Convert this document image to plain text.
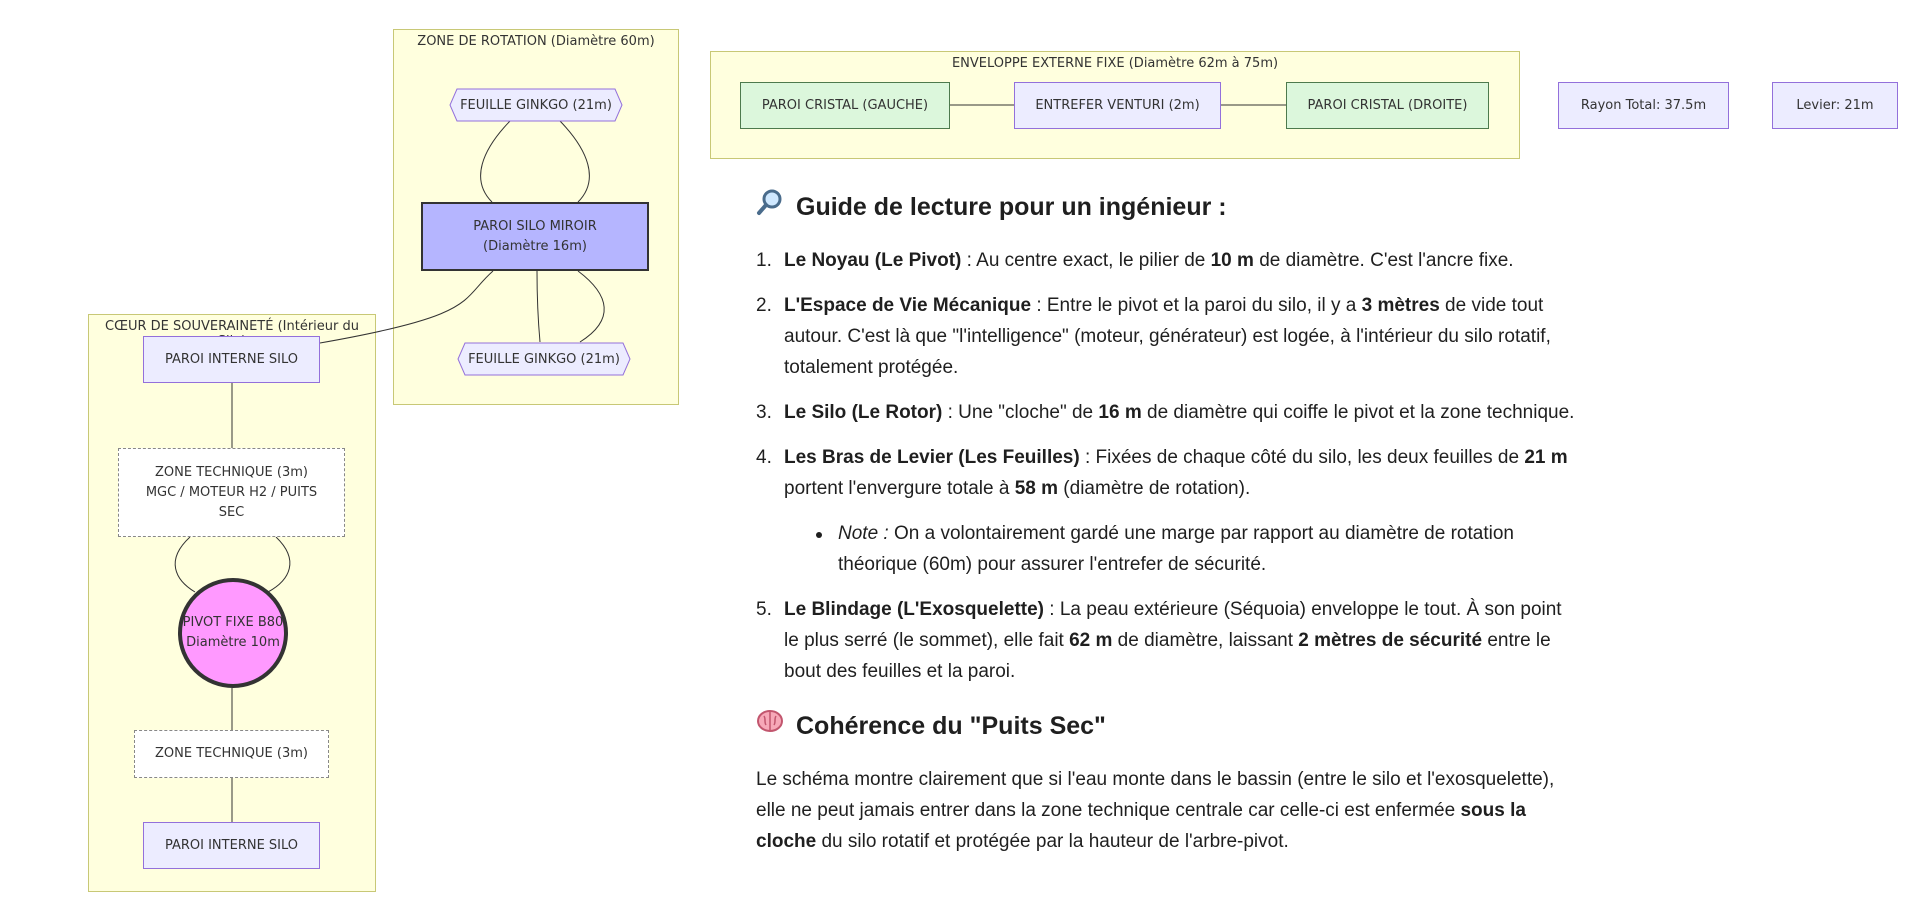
ZONE DE ROTATION (Diamètre 60m)
CŒUR DE SOUVERAINETÉ (Intérieur du
ENVELOPPE EXTERNE FIXE (Diamètre 62m à 75m)
FEUILLE GINKGO (21m)
PAROI SILO MIROIR
(Diamètre 16m)
FEUILLE GINKGO (21m)
PAROI INTERNE SILO
ZONE TECHNIQUE (3m)
MGC / MOTEUR H2 / PUITS
SEC
PIVOT FIXE B80
Diamètre 10m
ZONE TECHNIQUE (3m)
PAROI INTERNE SILO
PAROI CRISTAL (GAUCHE)	ENTREFER VENTURI (2m)	PAROI CRISTAL (DROITE)	Rayon Total: 37.5m	Levier: 21m
Guide de lecture pour un ingénieur :
1. Le Noyau (Le Pivot) : Au centre exact, le pilier de 10 m de diamètre. C'est l'ancre fixe.
2. L'Espace de Vie Mécanique : Entre le pivot et la paroi du silo, il y a 3 mètres de vide tout autour. C'est là que "l'intelligence" (moteur, générateur) est logée, à l'intérieur du silo rotatif, totalement protégée.
3. Le Silo (Le Rotor) : Une "cloche" de 16 m de diamètre qui coiffe le pivot et la zone technique.
4. Les Bras de Levier (Les Feuilles) : Fixées de chaque côté du silo, les deux feuilles de 21 m portent l'envergure totale à 58 m (diamètre de rotation).
Note : On a volontairement gardé une marge par rapport au diamètre de rotation théorique (60m) pour assurer l'entrefer de sécurité.
5. Le Blindage (L'Exosquelette) : La peau extérieure (Séquoia) enveloppe le tout. À son point le plus serré (le sommet), elle fait 62 m de diamètre, laissant 2 mètres de sécurité entre le bout des feuilles et la paroi.
Cohérence du "Puits Sec"

Le schéma montre clairement que si l'eau monte dans le bassin (entre le silo et l'exosquelette), elle ne peut jamais entrer dans la zone technique centrale car celle-ci est enfermée sous la cloche du silo rotatif et protégée par la hauteur de l'arbre-pivot.
